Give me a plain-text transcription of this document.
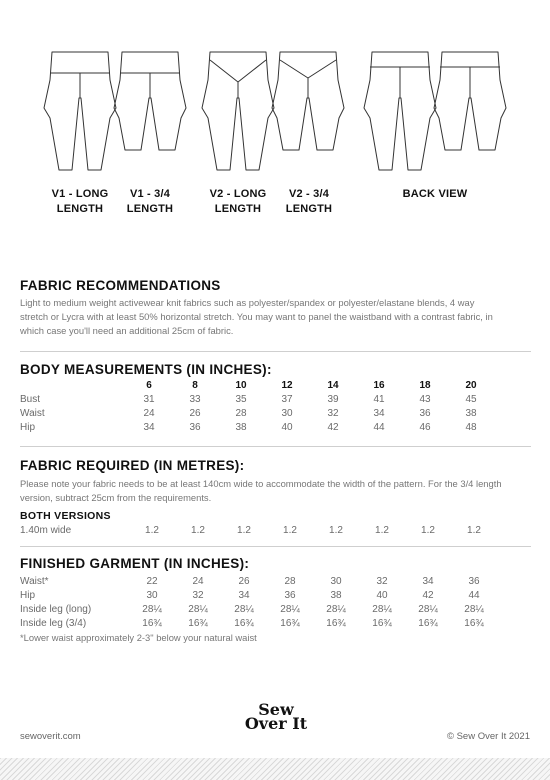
V1 - LONG
LENGTH
V1 - 3/4
LENGTH
V2 - LONG
LENGTH
V2 - 3/4
LENGTH
BACK VIEW
FABRIC RECOMMENDATIONS

Light to medium weight activewear knit fabrics such as polyester/spandex or polyester/elastane blends, 4 way stretch or Lycra with at least 50% horizontal stretch. You may want to panel the waistband with a contrast fabric, in which case you'll need an additional 25cm of fabric.

BODY MEASUREMENTS (IN INCHES):
6	8	10	12	14	16	18	20
Bust	31	33	35	37	39	41	43	45
Waist	24	26	28	30	32	34	36	38
Hip	34	36	38	40	42	44	46	48
FABRIC REQUIRED (IN METRES):

Please note your fabric needs to be at least 140cm wide to accommodate the width of the pattern. For the 3/4 length version, subtract 25cm from the requirements.

BOTH VERSIONS
1.40m wide	1.2	1.2	1.2	1.2	1.2	1.2	1.2	1.2
FINISHED GARMENT (IN INCHES):
Waist*	22	24	26	28	30	32	34	36
Hip	30	32	34	36	38	40	42	44
Inside leg (long)	28¼	28¼	28¼	28¼	28¼	28¼	28¼	28¼
Inside leg (3/4)	16¾	16¾	16¾	16¾	16¾	16¾	16¾	16¾
*Lower waist approximately 2-3" below your natural waist
sewoverit.com
Sew
Over It
© Sew Over It 2021
